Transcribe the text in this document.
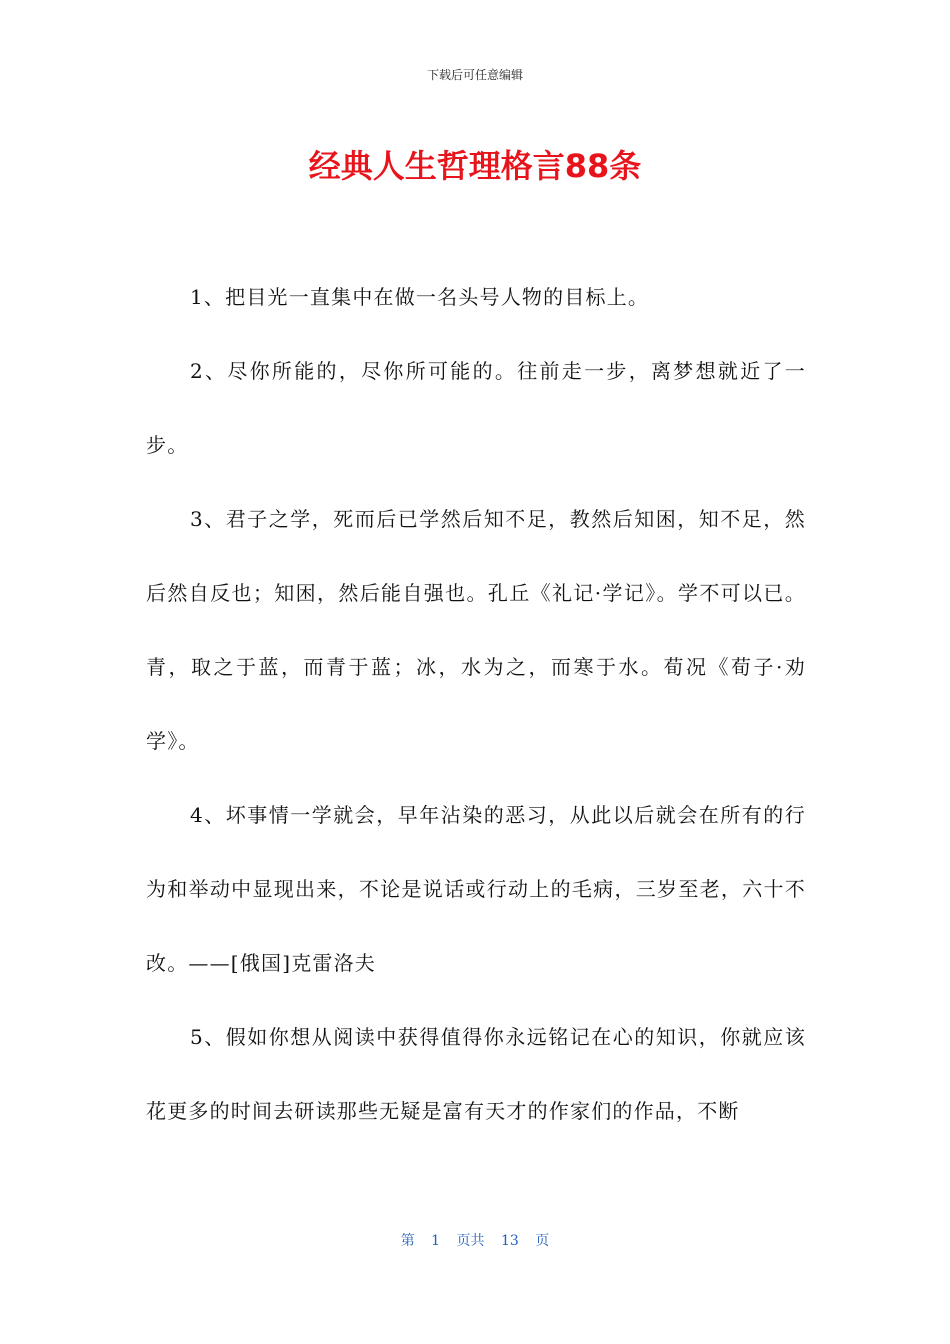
下载后可任意编辑
经典人生哲理格言88条

1、把目光一直集中在做一名头号人物的目标上。

2、尽你所能的，尽你所可能的。往前走一步，离梦想就近了一步。

3、君子之学，死而后已学然后知不足，教然后知困，知不足，然后然自反也；知困，然后能自强也。孔丘《礼记·学记》。学不可以已。青，取之于蓝，而青于蓝；冰，水为之，而寒于水。荀况《荀子·劝学》。

4、坏事情一学就会，早年沾染的恶习，从此以后就会在所有的行为和举动中显现出来，不论是说话或行动上的毛病，三岁至老，六十不改。——[俄国]克雷洛夫

5、假如你想从阅读中获得值得你永远铭记在心的知识，你就应该花更多的时间去研读那些无疑是富有天才的作家们的作品，不断

第 1 页共 13 页
